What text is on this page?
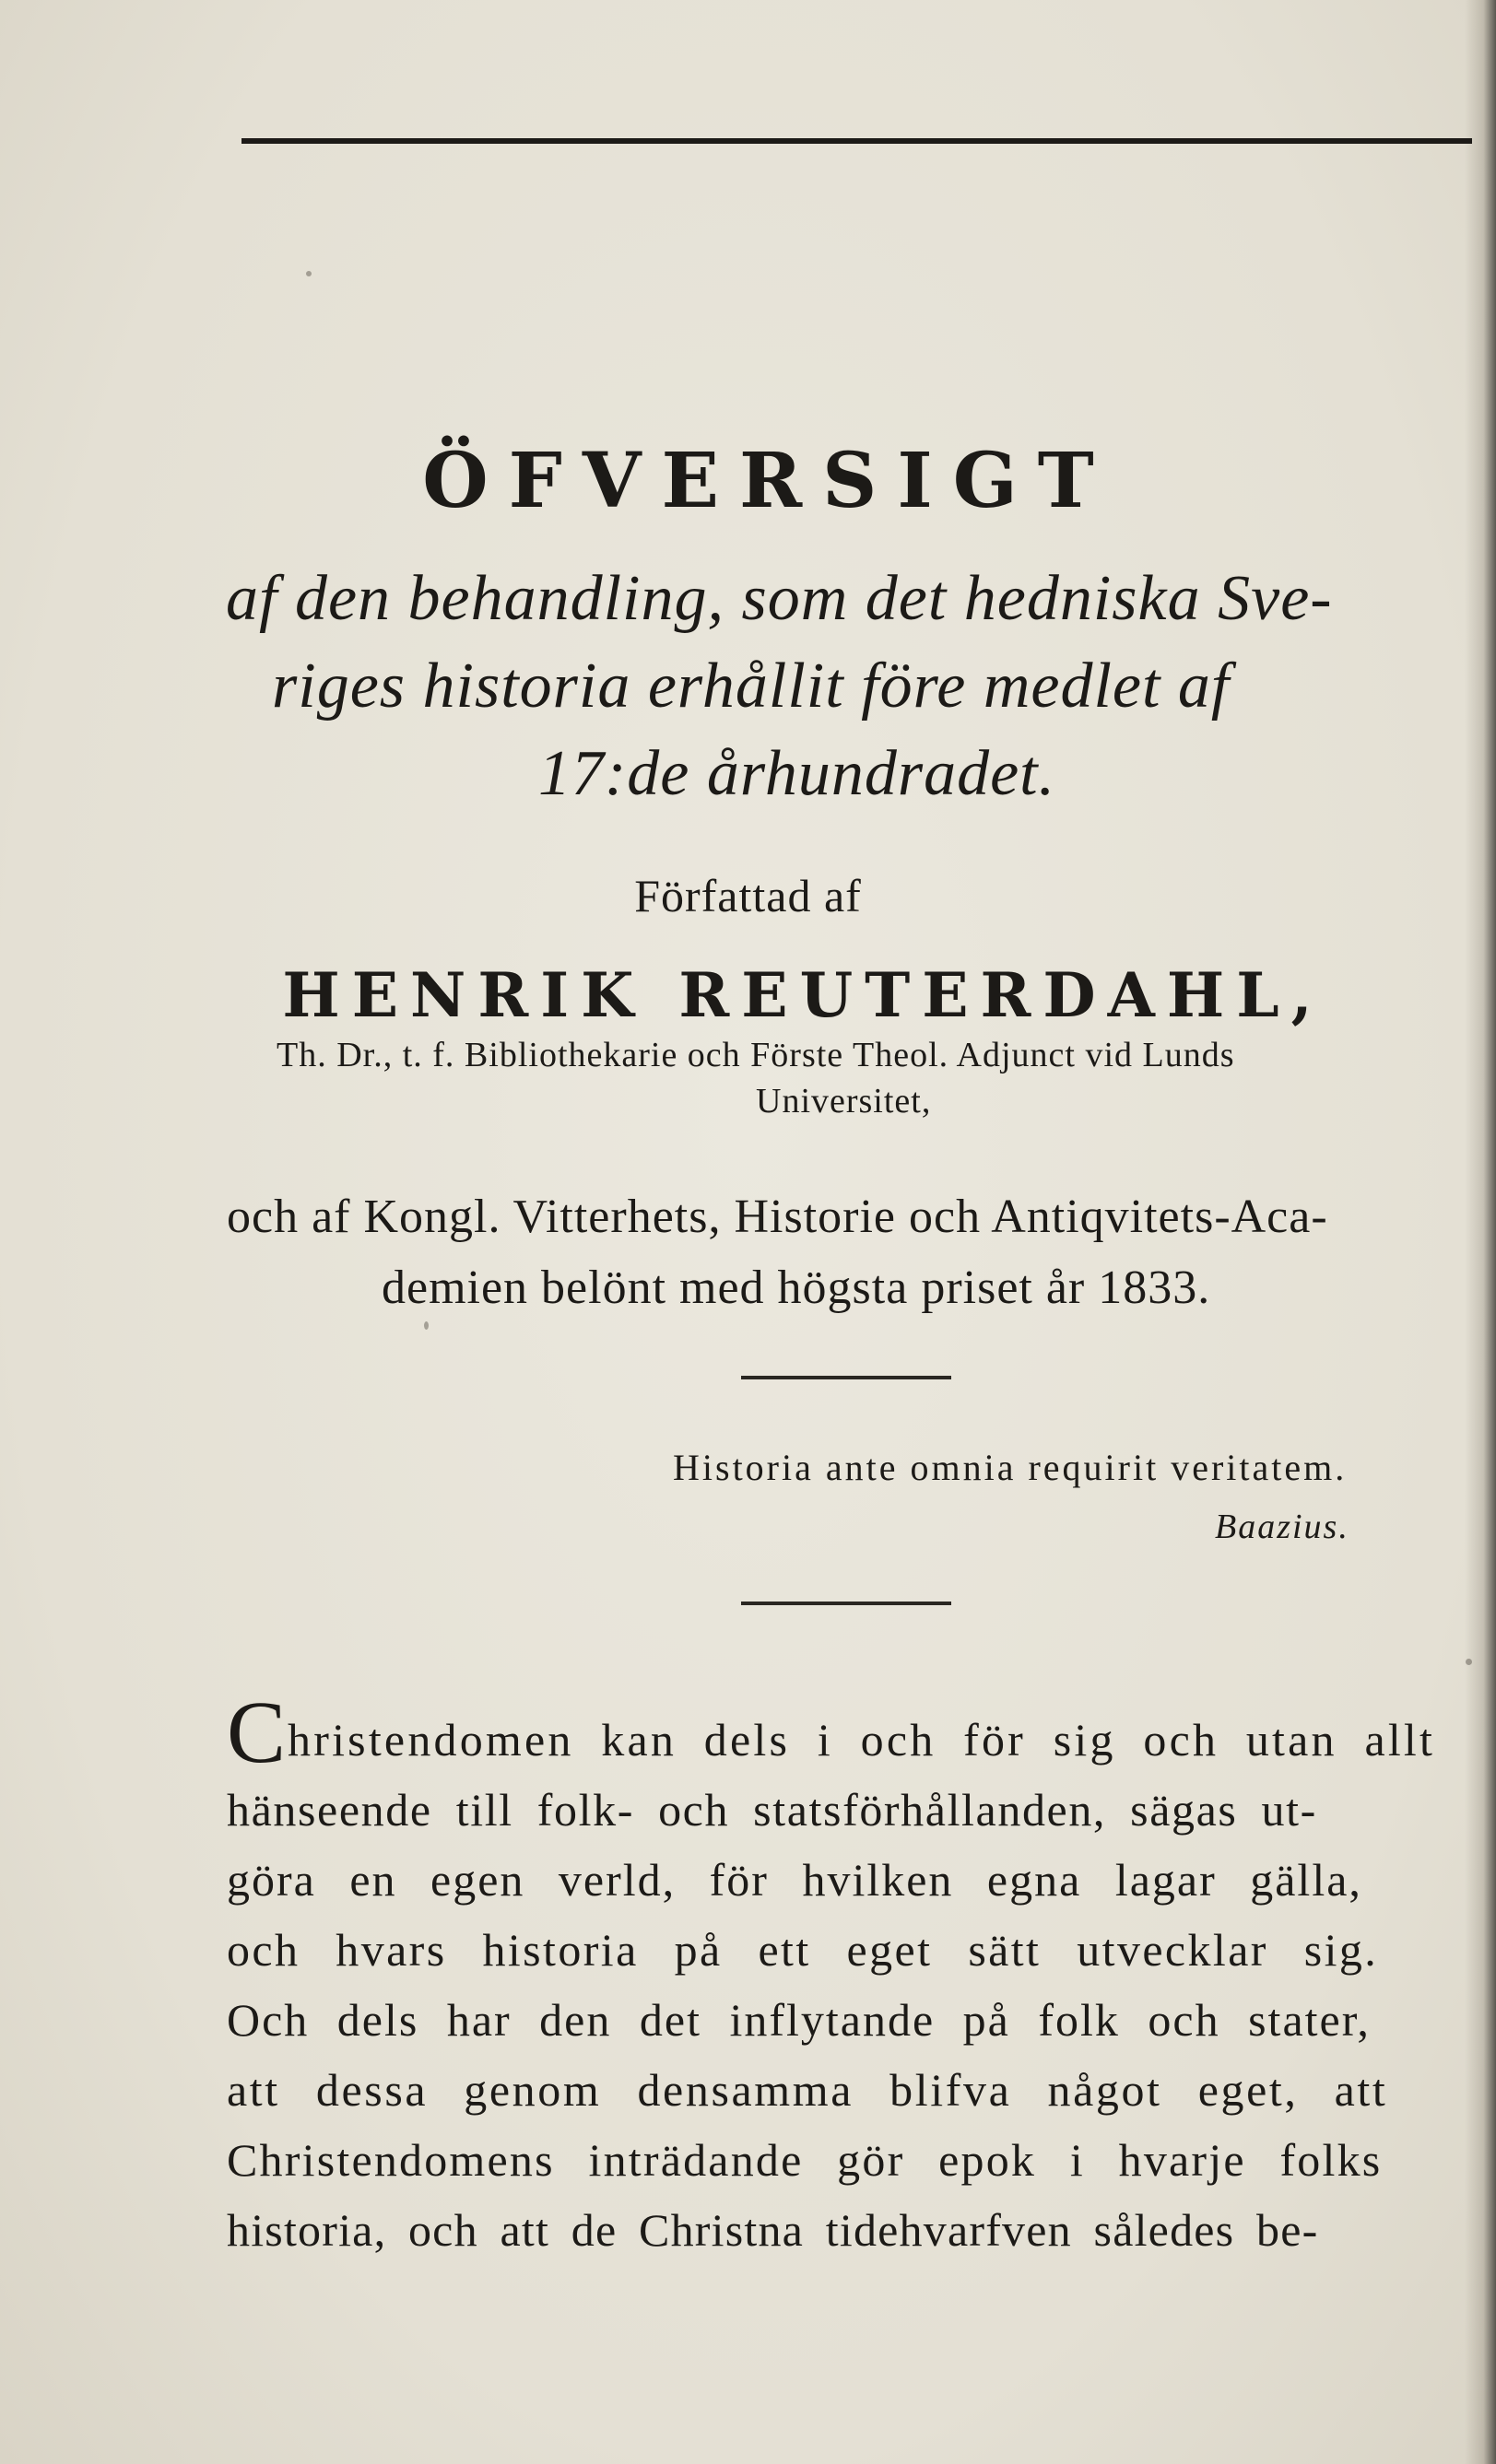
ÖFVERSIGT
af den behandling, som det hedniska Sve-
riges historia erhållit före medlet af
17:de århundradet.
Författad af
HENRIK REUTERDAHL,
Th. Dr., t. f. Bibliothekarie och Förste Theol. Adjunct vid Lunds
Universitet,
och af Kongl. Vitterhets, Historie och Antiqvitets-Aca-
demien belönt med högsta priset år 1833.
Historia ante omnia requirit veritatem.
Baazius.
C hristendomen kan dels i och för sig och utan allt
hänseende till folk- och statsförhållanden, sägas ut-
göra en egen verld, för hvilken egna lagar gälla,
och hvars historia på ett eget sätt utvecklar sig.
Och dels har den det inflytande på folk och stater,
att dessa genom densamma blifva något eget, att
Christendomens inträdande gör epok i hvarje folks
historia, och att de Christna tidehvarfven således be-
